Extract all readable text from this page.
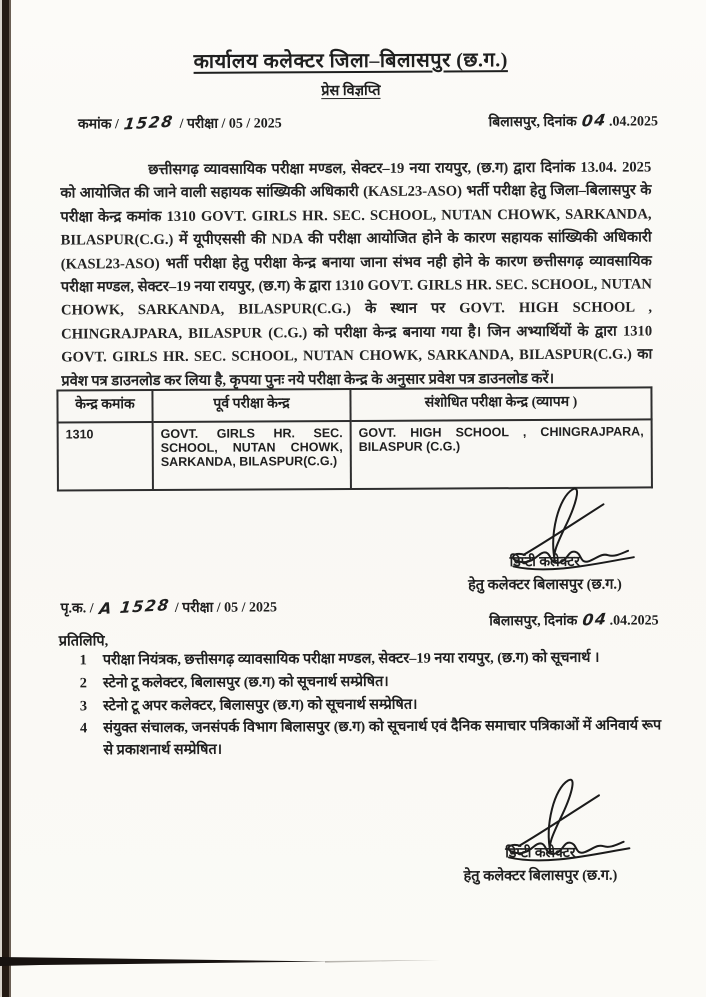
कार्यालय कलेक्टर जिला–बिलासपुर (छ.ग.)
प्रेस विज्ञप्ति
कमांक / 1528 / परीक्षा / 05 / 2025	बिलासपुर, दिनांक 04.04.2025

छत्तीसगढ़ व्यावसायिक परीक्षा मण्डल, सेक्टर–19 नया रायपुर, (छ.ग) द्वारा दिनांक 13.04. 2025 को आयोजित की जाने वाली सहायक सांख्यिकी अधिकारी (KASL23-ASO) भर्ती परीक्षा हेतु जिला–बिलासपुर के परीक्षा केन्द्र कमांक 1310 GOVT. GIRLS HR. SEC. SCHOOL, NUTAN CHOWK, SARKANDA, BILASPUR(C.G.) में यूपीएससी की NDA की परीक्षा आयोजित होने के कारण सहायक सांख्यिकी अधिकारी (KASL23-ASO) भर्ती परीक्षा हेतु परीक्षा केन्द्र बनाया जाना संभव नही होने के कारण छत्तीसगढ़ व्यावसायिक परीक्षा मण्डल, सेक्टर–19 नया रायपुर, (छ.ग) के द्वारा 1310 GOVT. GIRLS HR. SEC. SCHOOL, NUTAN CHOWK, SARKANDA, BILASPUR(C.G.) के स्थान पर GOVT. HIGH SCHOOL , CHINGRAJPARA, BILASPUR (C.G.) को परीक्षा केन्द्र बनाया गया है। जिन अभ्यार्थियों के द्वारा 1310 GOVT. GIRLS HR. SEC. SCHOOL, NUTAN CHOWK, SARKANDA, BILASPUR(C.G.) का प्रवेश पत्र डाउनलोड कर लिया है, कृपया पुनः नये परीक्षा केन्द्र के अनुसार प्रवेश पत्र डाउनलोड करें।

केन्द्र कमांक	पूर्व परीक्षा केन्द्र	संशोधित परीक्षा केन्द्र (व्यापम )
1310	GOVT. GIRLS HR. SEC. SCHOOL, NUTAN CHOWK, SARKANDA, BILASPUR(C.G.)	GOVT. HIGH SCHOOL , CHINGRAJPARA, BILASPUR (C.G.)
डिप्टी कलेक्टर
हेतु कलेक्टर बिलासपुर (छ.ग.)
पृ.क. / A 1528 / परीक्षा / 05 / 2025
बिलासपुर, दिनांक 04.04.2025
प्रतिलिपि,
1 परीक्षा नियंत्रक, छत्तीसगढ़ व्यावसायिक परीक्षा मण्डल, सेक्टर–19 नया रायपुर, (छ.ग) को सूचनार्थ ।
2 स्टेनो टू कलेक्टर, बिलासपुर (छ.ग) को सूचनार्थ सम्प्रेषित।
3 स्टेनो टू अपर कलेक्टर, बिलासपुर (छ.ग) को सूचनार्थ सम्प्रेषित।
4 संयुक्त संचालक, जनसंपर्क विभाग बिलासपुर (छ.ग) को सूचनार्थ एवं दैनिक समाचार पत्रिकाओं में अनिवार्य रूप से प्रकाशनार्थ सम्प्रेषित।
डिप्टी कलेक्टर
हेतु कलेक्टर बिलासपुर (छ.ग.)
